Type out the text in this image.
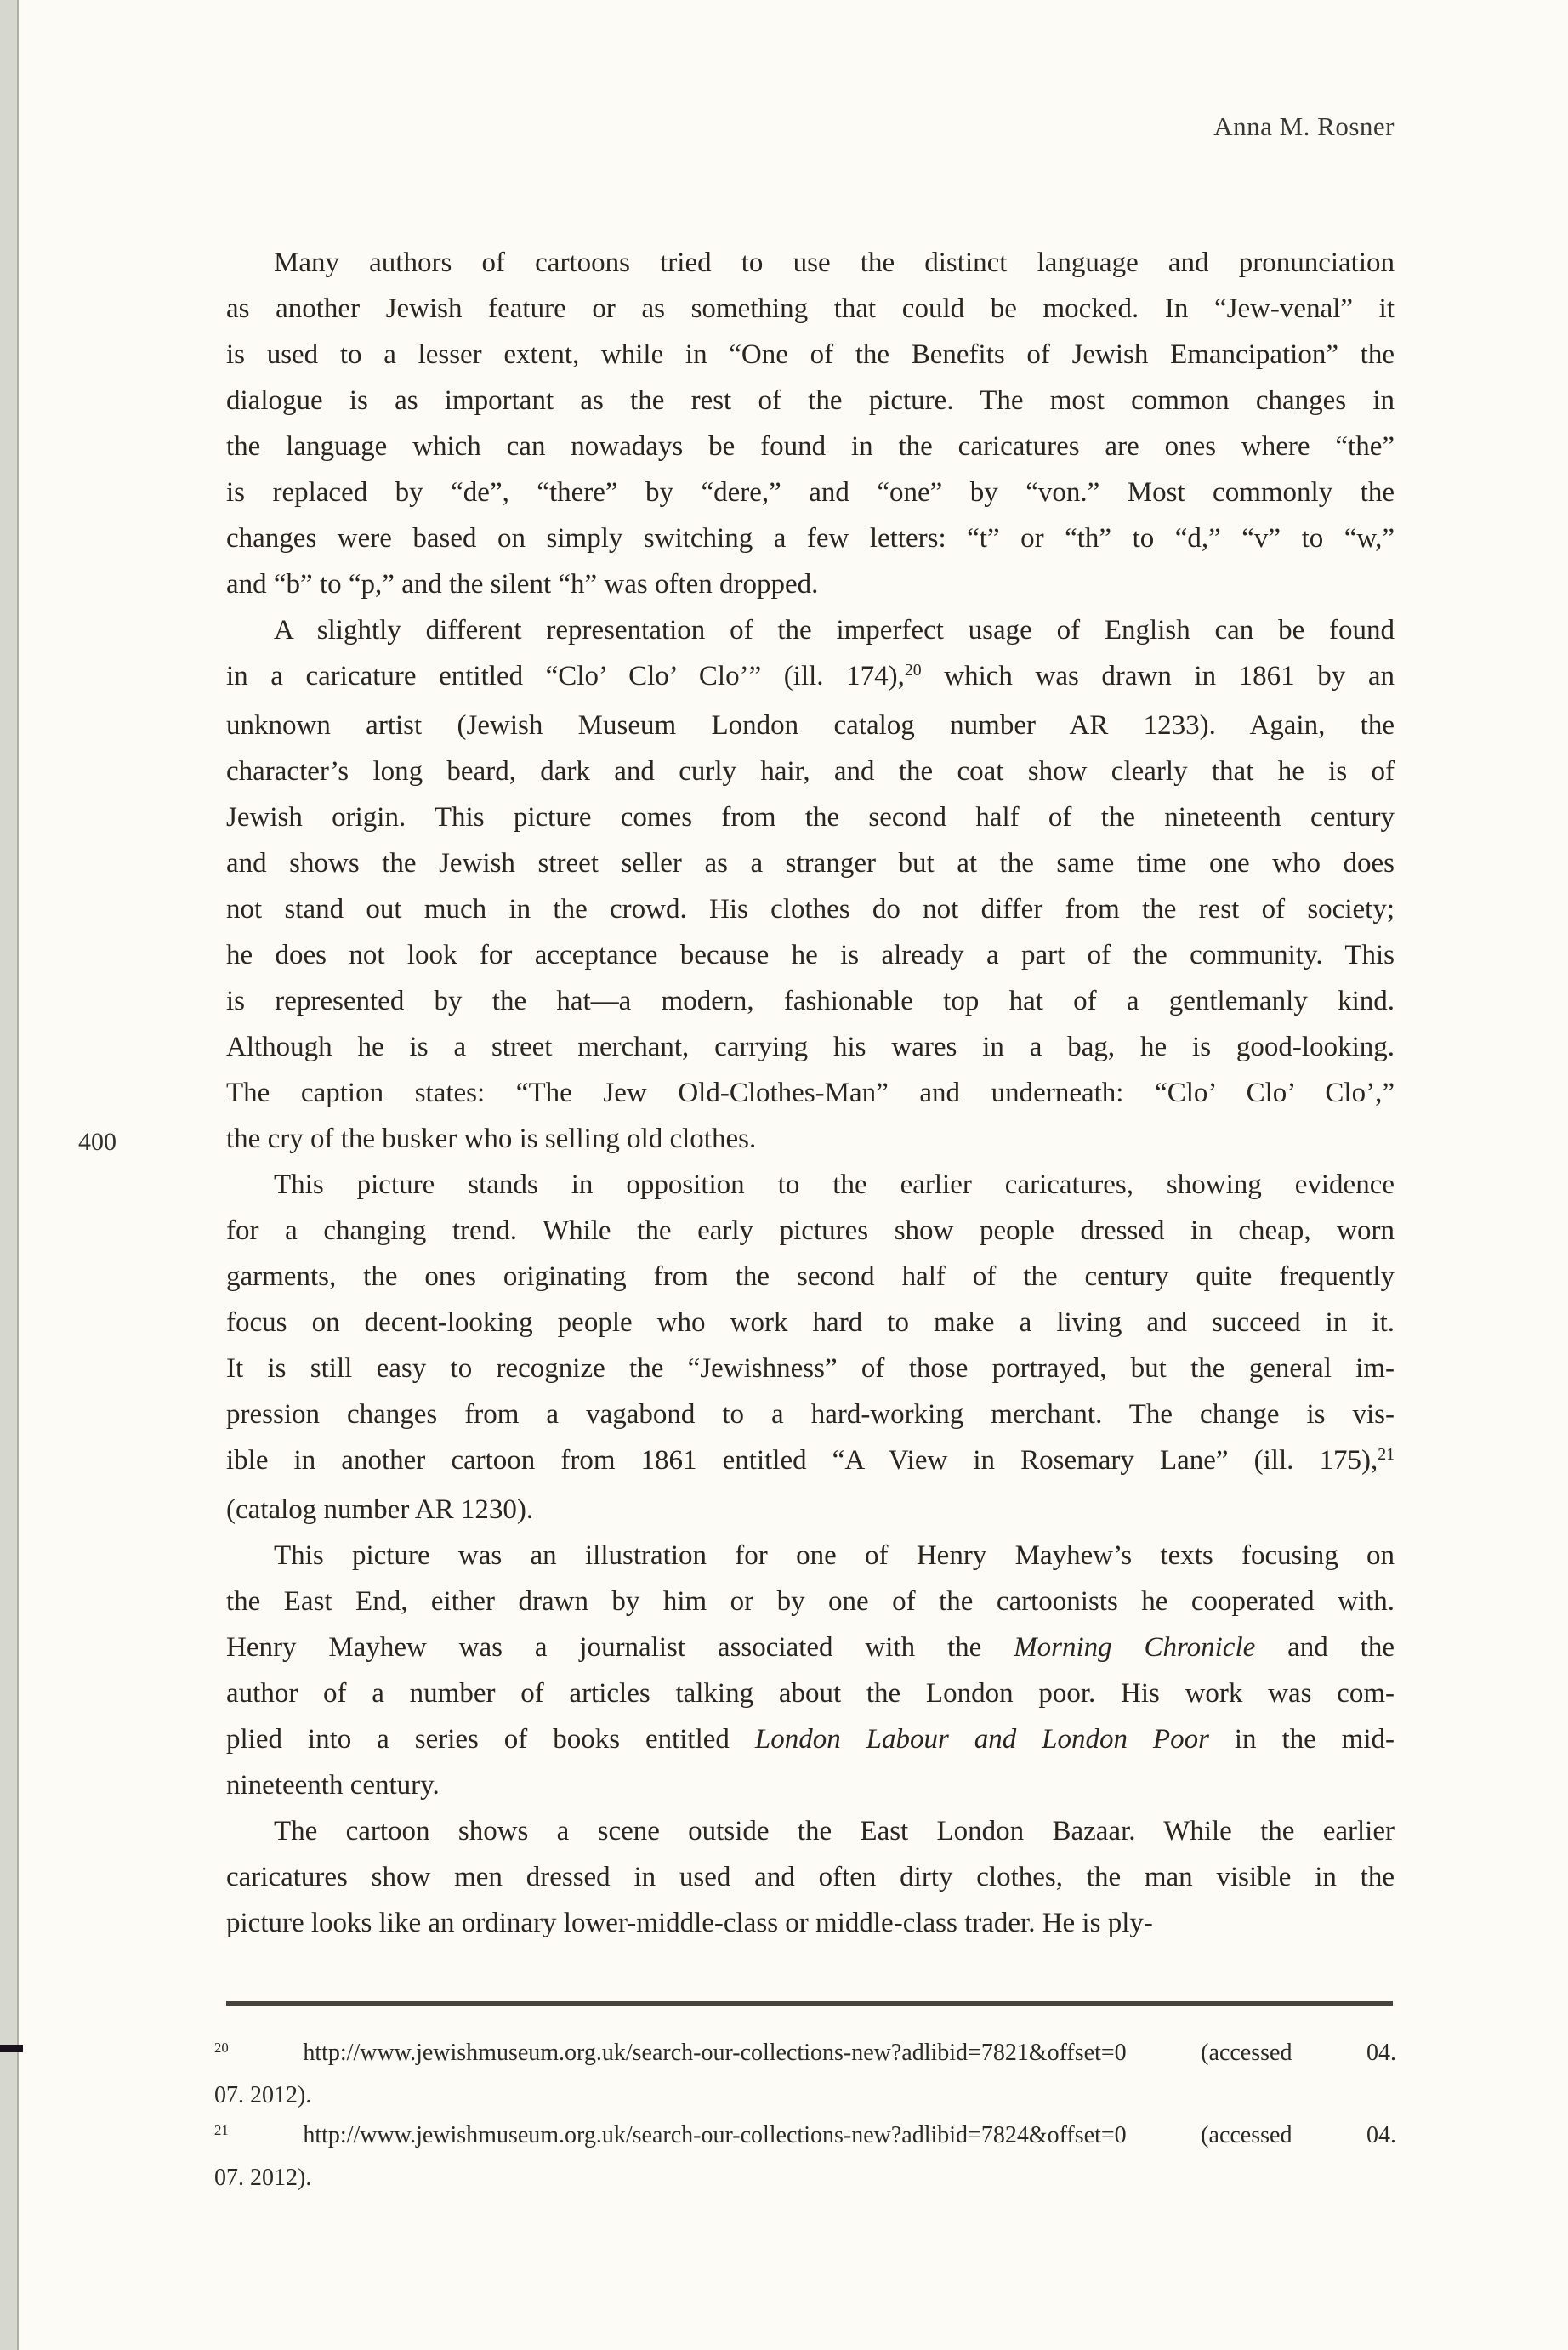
Anna M. Rosner
400
Many authors of cartoons tried to use the distinct language and pronunciation
as another Jewish feature or as something that could be mocked. In “Jew-venal” it
is used to a lesser extent, while in “One of the Benefits of Jewish Emancipation” the
dialogue is as important as the rest of the picture. The most common changes in
the language which can nowadays be found in the caricatures are ones where “the”
is replaced by “de”, “there” by “dere,” and “one” by “von.” Most commonly the
changes were based on simply switching a few letters: “t” or “th” to “d,” “v” to “w,”
and “b” to “p,” and the silent “h” was often dropped.
A slightly different representation of the imperfect usage of English can be found
in a caricature entitled “Clo’ Clo’ Clo’” (ill. 174),$^{20}$ which was drawn in 1861 by an
unknown artist (Jewish Museum London catalog number AR 1233). Again, the
character’s long beard, dark and curly hair, and the coat show clearly that he is of
Jewish origin. This picture comes from the second half of the nineteenth century
and shows the Jewish street seller as a stranger but at the same time one who does
not stand out much in the crowd. His clothes do not differ from the rest of society;
he does not look for acceptance because he is already a part of the community. This
is represented by the hat—a modern, fashionable top hat of a gentlemanly kind.
Although he is a street merchant, carrying his wares in a bag, he is good-looking.
The caption states: “The Jew Old-Clothes-Man” and underneath: “Clo’ Clo’ Clo’,”
the cry of the busker who is selling old clothes.
This picture stands in opposition to the earlier caricatures, showing evidence
for a changing trend. While the early pictures show people dressed in cheap, worn
garments, the ones originating from the second half of the century quite frequently
focus on decent-looking people who work hard to make a living and succeed in it.
It is still easy to recognize the “Jewishness” of those portrayed, but the general im-
pression changes from a vagabond to a hard-working merchant. The change is vis-
ible in another cartoon from 1861 entitled “A View in Rosemary Lane” (ill. 175),$^{21}$
(catalog number AR 1230).
This picture was an illustration for one of Henry Mayhew’s texts focusing on
the East End, either drawn by him or by one of the cartoonists he cooperated with.
Henry Mayhew was a journalist associated with the Morning Chronicle and the
author of a number of articles talking about the London poor. His work was com-
plied into a series of books entitled London Labour and London Poor in the mid-
nineteenth century.
The cartoon shows a scene outside the East London Bazaar. While the earlier
caricatures show men dressed in used and often dirty clothes, the man visible in the
picture looks like an ordinary lower-middle-class or middle-class trader. He is ply-
$^{20}$ http://www.jewishmuseum.org.uk/search-our-collections-new?adlibid=7821&offset=0 (accessed 04.
07. 2012).
$^{21}$ http://www.jewishmuseum.org.uk/search-our-collections-new?adlibid=7824&offset=0 (accessed 04.
07. 2012).
